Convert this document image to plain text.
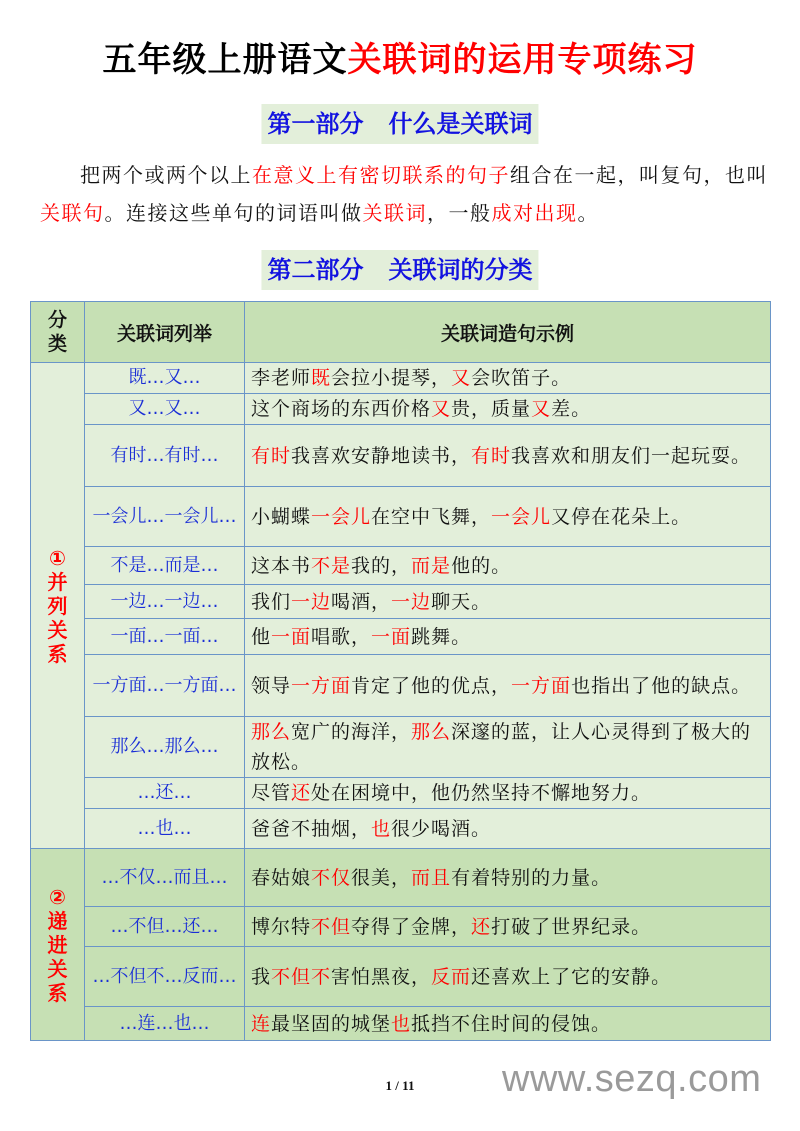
五年级上册语文关联词的运用专项练习
第一部分   什么是关联词
把两个或两个以上在意义上有密切联系的句子组合在一起，叫复句，也叫关联句。连接这些单句的词语叫做关联词，一般成对出现。
第二部分   关联词的分类
分
类	关联词列举	关联词造句示例
①
并
列
关
系	既…又…	李老师既会拉小提琴，又会吹笛子。
	又…又…	这个商场的东西价格又贵，质量又差。
	有时…有时…	有时我喜欢安静地读书，有时我喜欢和朋友们一起玩耍。
	一会儿…一会儿…	小蝴蝶一会儿在空中飞舞，一会儿又停在花朵上。
	不是…而是…	这本书不是我的，而是他的。
	一边…一边…	我们一边喝酒，一边聊天。
	一面…一面…	他一面唱歌，一面跳舞。
	一方面…一方面…	领导一方面肯定了他的优点，一方面也指出了他的缺点。
	那么…那么…	那么宽广的海洋，那么深邃的蓝，让人心灵得到了极大的放松。
	…还…	尽管还处在困境中，他仍然坚持不懈地努力。
	…也…	爸爸不抽烟，也很少喝酒。
②
递
进
关
系	…不仅…而且…	春姑娘不仅很美，而且有着特别的力量。
	…不但…还…	博尔特不但夺得了金牌，还打破了世界纪录。
	…不但不…反而…	我不但不害怕黑夜，反而还喜欢上了它的安静。
	…连…也…	连最坚固的城堡也抵挡不住时间的侵蚀。
1 / 11	www.sezq.com
